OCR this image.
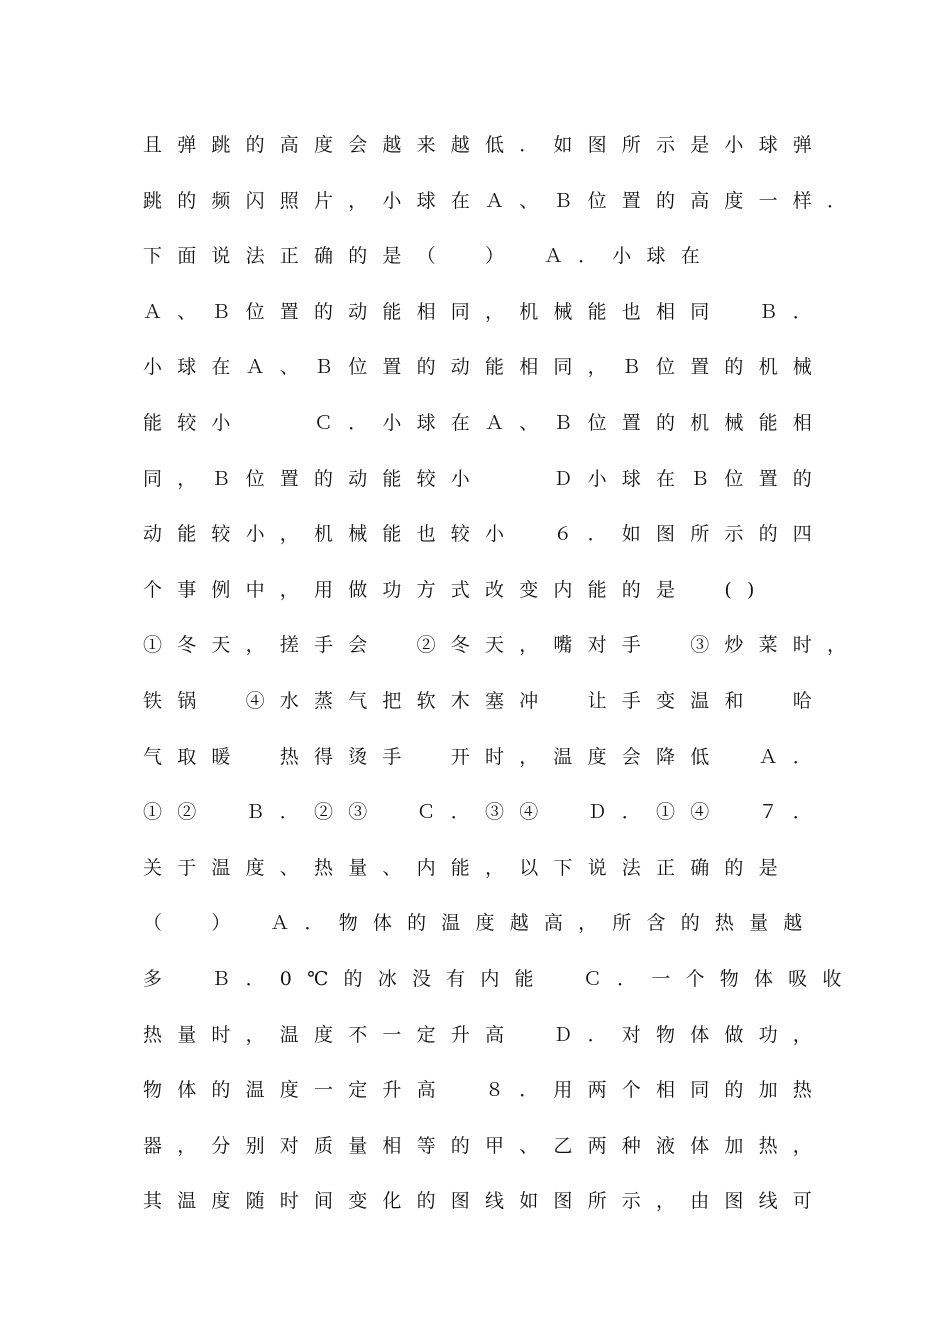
且弹跳的高度会越来越低．如图所示是小球弹
跳的频闪照片，小球在Ａ、Ｂ位置的高度一样．
下面说法正确的是（　）　Ａ．小球在
Ａ、Ｂ位置的动能相同，机械能也相同　Ｂ．
小球在Ａ、Ｂ位置的动能相同，Ｂ位置的机械
能较小　　Ｃ．小球在Ａ、Ｂ位置的机械能相
同，Ｂ位置的动能较小　　Ｄ小球在Ｂ位置的
动能较小，机械能也较小　６．如图所示的四
个事例中，用做功方式改变内能的是　()
①冬天，搓手会　②冬天，嘴对手　③炒菜时，
铁锅　④水蒸气把软木塞冲　让手变温和　哈
气取暖　热得烫手　开时，温度会降低　Ａ．
①②　Ｂ．②③　Ｃ．③④　Ｄ．①④　７．
关于温度、热量、内能，以下说法正确的是
（　）　Ａ．物体的温度越高，所含的热量越
多　Ｂ．0℃的冰没有内能　Ｃ．一个物体吸收
热量时，温度不一定升高　Ｄ．对物体做功，
物体的温度一定升高　８．用两个相同的加热
器，分别对质量相等的甲、乙两种液体加热，
其温度随时间变化的图线如图所示，由图线可
